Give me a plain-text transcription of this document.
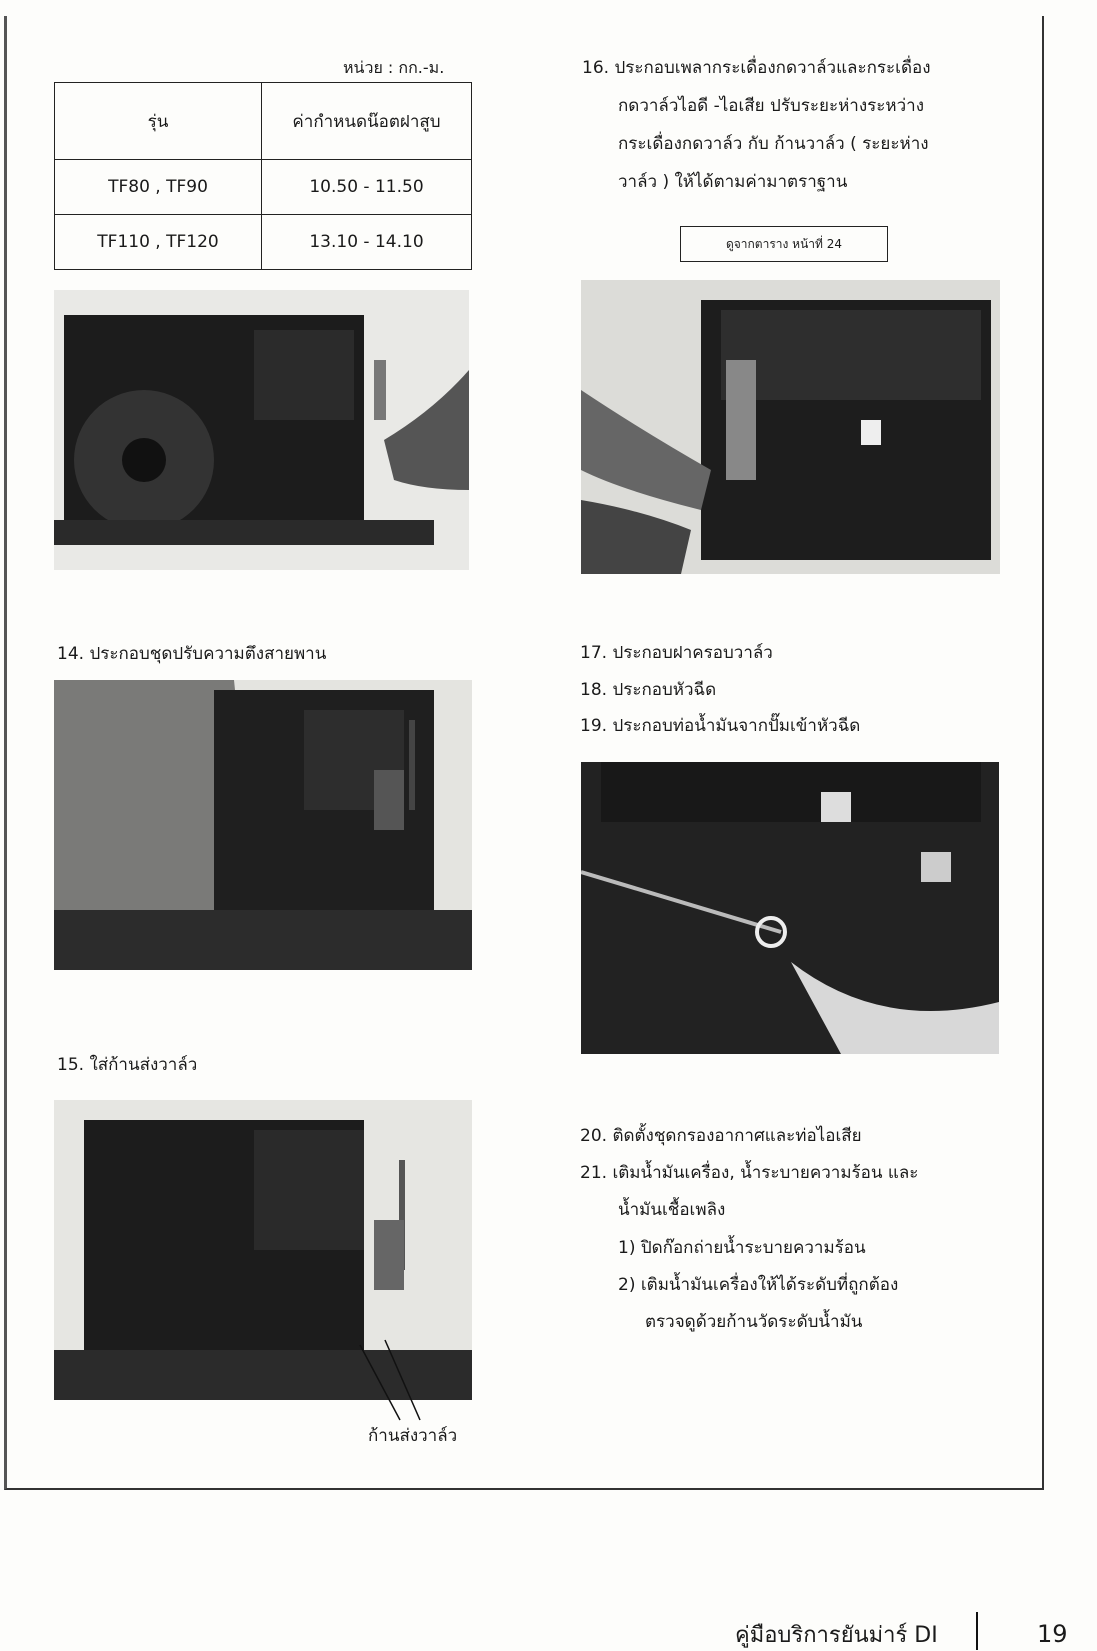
หน่วย : กก.-ม.
รุ่น	ค่ากำหนดน๊อตฝาสูบ
TF80 , TF90	10.50 - 11.50
TF110 , TF120	13.10 - 14.10
16. ประกอบเพลากระเดื่องกดวาล์วและกระเดื่อง
กดวาล์วไอดี -ไอเสีย ปรับระยะห่างระหว่าง
กระเดื่องกดวาล์ว กับ ก้านวาล์ว ( ระยะห่าง
วาล์ว ) ให้ได้ตามค่ามาตราฐาน
ดูจากตาราง หน้าที่ 24
14. ประกอบชุดปรับความตึงสายพาน	17. ประกอบฝาครอบวาล์ว
18. ประกอบหัวฉีด
19. ประกอบท่อน้ำมันจากปั๊มเข้าหัวฉีด
15. ใส่ก้านส่งวาล์ว
ก้านส่งวาล์ว
20. ติดตั้งชุดกรองอากาศและท่อไอเสีย
21. เติมน้ำมันเครื่อง, น้ำระบายความร้อน และ
น้ำมันเชื้อเพลิง
1) ปิดก๊อกถ่ายน้ำระบายความร้อน
2) เติมน้ำมันเครื่องให้ได้ระดับที่ถูกต้อง
ตรวจดูด้วยก้านวัดระดับน้ำมัน
คู่มือบริการยันม่าร์ DI	19
